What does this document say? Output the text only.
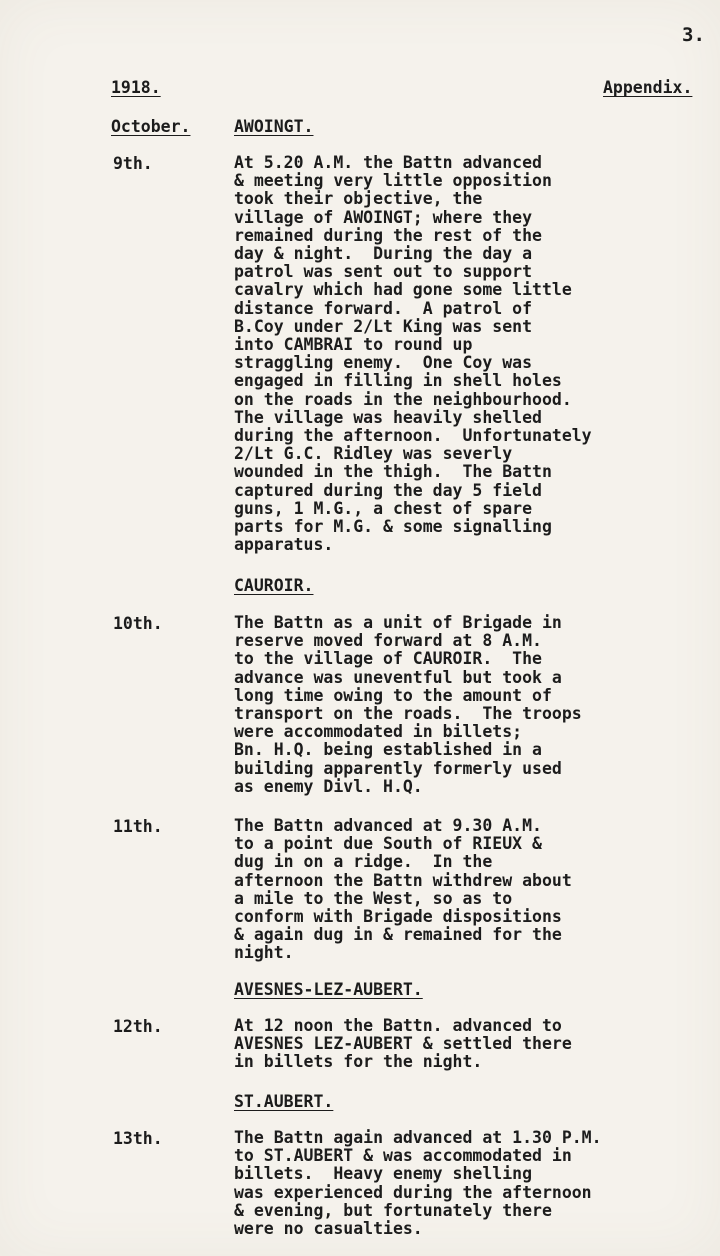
3.
1918.	Appendix.
October.	AWOINGT.
9th.	At 5.20 A.M. the Battn advanced
& meeting very little opposition
took their objective, the
village of AWOINGT; where they
remained during the rest of the
day & night.  During the day a
patrol was sent out to support
cavalry which had gone some little
distance forward.  A patrol of
B.Coy under 2/Lt King was sent
into CAMBRAI to round up
straggling enemy.  One Coy was
engaged in filling in shell holes
on the roads in the neighbourhood.
The village was heavily shelled
during the afternoon.  Unfortunately
2/Lt G.C. Ridley was severly
wounded in the thigh.  The Battn
captured during the day 5 field
guns, 1 M.G., a chest of spare
parts for M.G. & some signalling
apparatus.
CAUROIR.
10th.	The Battn as a unit of Brigade in
reserve moved forward at 8 A.M.
to the village of CAUROIR.  The
advance was uneventful but took a
long time owing to the amount of
transport on the roads.  The troops
were accommodated in billets;
Bn. H.Q. being established in a
building apparently formerly used
as enemy Divl. H.Q.
11th.	The Battn advanced at 9.30 A.M.
to a point due South of RIEUX &
dug in on a ridge.  In the
afternoon the Battn withdrew about
a mile to the West, so as to
conform with Brigade dispositions
& again dug in & remained for the
night.
AVESNES-LEZ-AUBERT.
12th.	At 12 noon the Battn. advanced to
AVESNES LEZ-AUBERT & settled there
in billets for the night.
ST.AUBERT.
13th.	The Battn again advanced at 1.30 P.M.
to ST.AUBERT & was accommodated in
billets.  Heavy enemy shelling
was experienced during the afternoon
& evening, but fortunately there
were no casualties.
